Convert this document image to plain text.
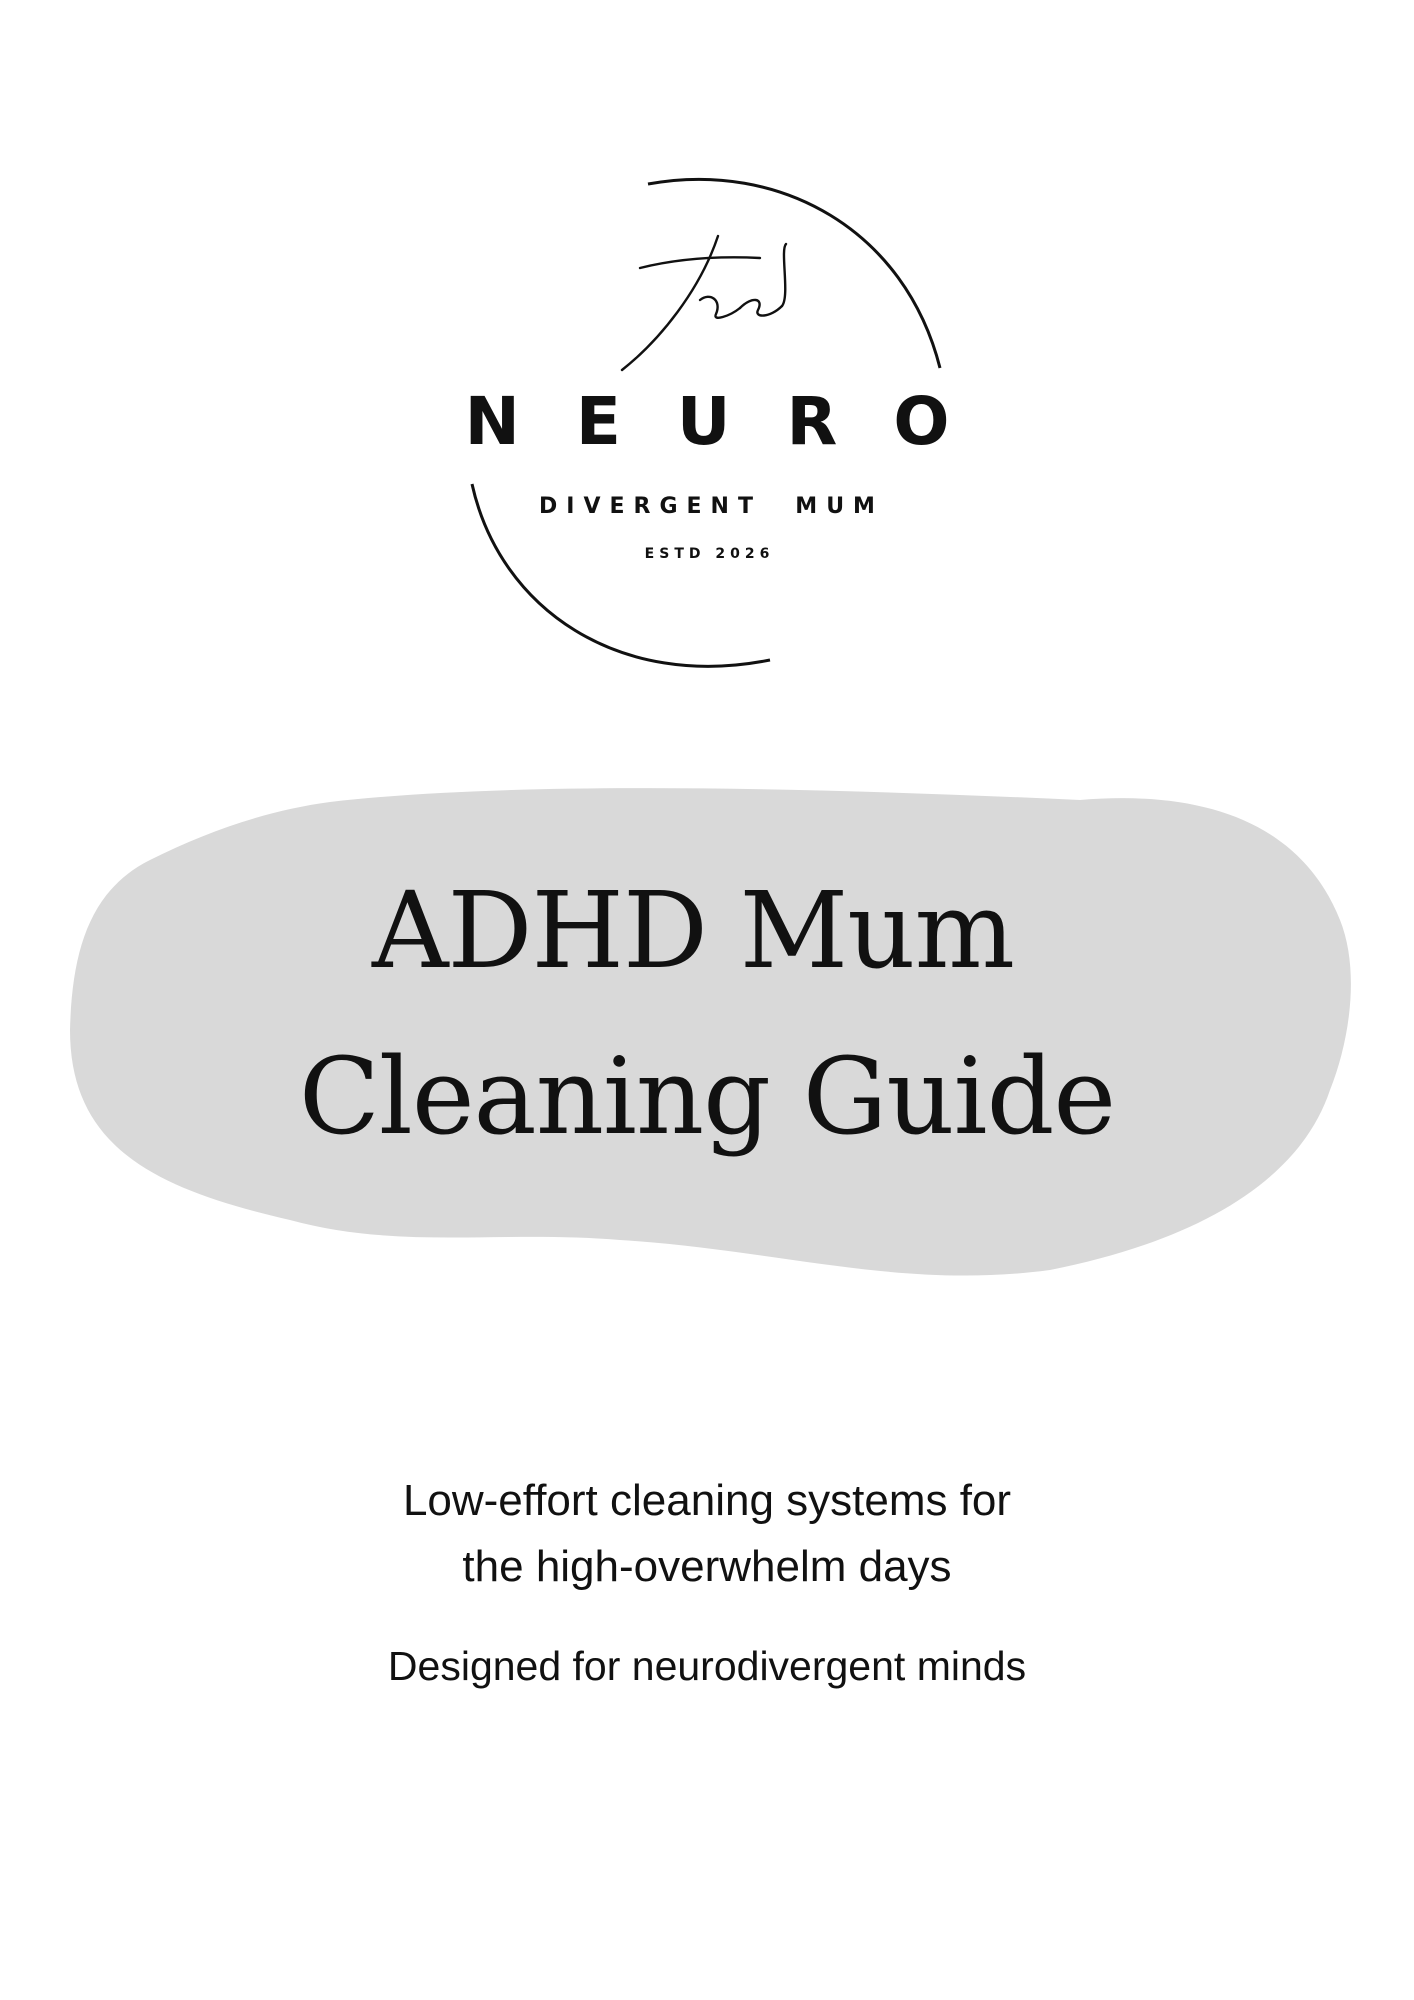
NEURO
DIVERGENT  MUM
ESTD 2026
ADHD Mum
Cleaning Guide
Low-effort cleaning systems for
the high-overwhelm days
Designed for neurodivergent minds
